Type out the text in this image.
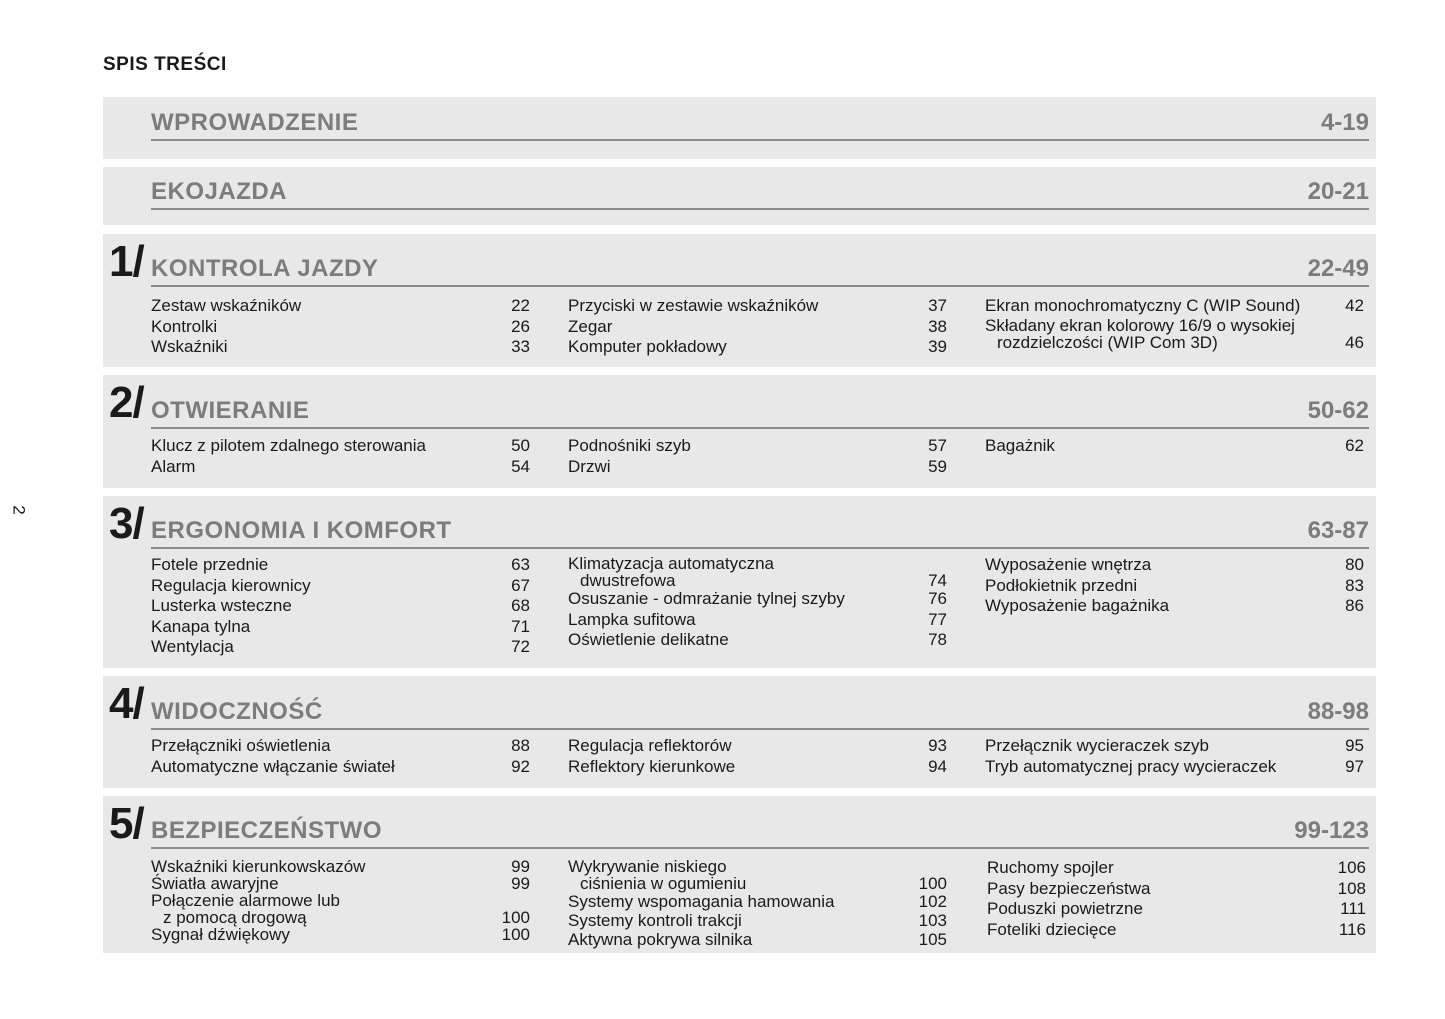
SPIS TREŚCI
2
WPROWADZENIE	4-19
EKOJAZDA	20-21
1/ KONTROLA JAZDY	22-49
Zestaw wskaźników	22
Kontrolki	26
Wskaźniki	33
Przyciski w zestawie wskaźników	37
Zegar	38
Komputer pokładowy	39
Ekran monochromatyczny C (WIP Sound)	42
Składany ekran kolorowy 16/9 o wysokiej
rozdzielczości (WIP Com 3D)	46
2/ OTWIERANIE	50-62
Klucz z pilotem zdalnego sterowania	50
Alarm	54
Podnośniki szyb	57
Drzwi	59
Bagażnik	62
3/ ERGONOMIA I KOMFORT	63-87
Fotele przednie	63
Regulacja kierownicy	67
Lusterka wsteczne	68
Kanapa tylna	71
Wentylacja	72
Klimatyzacja automatyczna
dwustrefowa	74
Osuszanie - odmrażanie tylnej szyby	76
Lampka sufitowa	77
Oświetlenie delikatne	78
Wyposażenie wnętrza	80
Podłokietnik przedni	83
Wyposażenie bagażnika	86
4/ WIDOCZNOŚĆ	88-98
Przełączniki oświetlenia	88
Automatyczne włączanie świateł	92
Regulacja reflektorów	93
Reflektory kierunkowe	94
Przełącznik wycieraczek szyb	95
Tryb automatycznej pracy wycieraczek	97
5/ BEZPIECZEŃSTWO	99-123
Wskaźniki kierunkowskazów	99
Światła awaryjne	99
Połączenie alarmowe lub
z pomocą drogową	100
Sygnał dźwiękowy	100
Wykrywanie niskiego
ciśnienia w ogumieniu	100
Systemy wspomagania hamowania	102
Systemy kontroli trakcji	103
Aktywna pokrywa silnika	105
Ruchomy spojler	106
Pasy bezpieczeństwa	108
Poduszki powietrzne	111
Foteliki dziecięce	116
